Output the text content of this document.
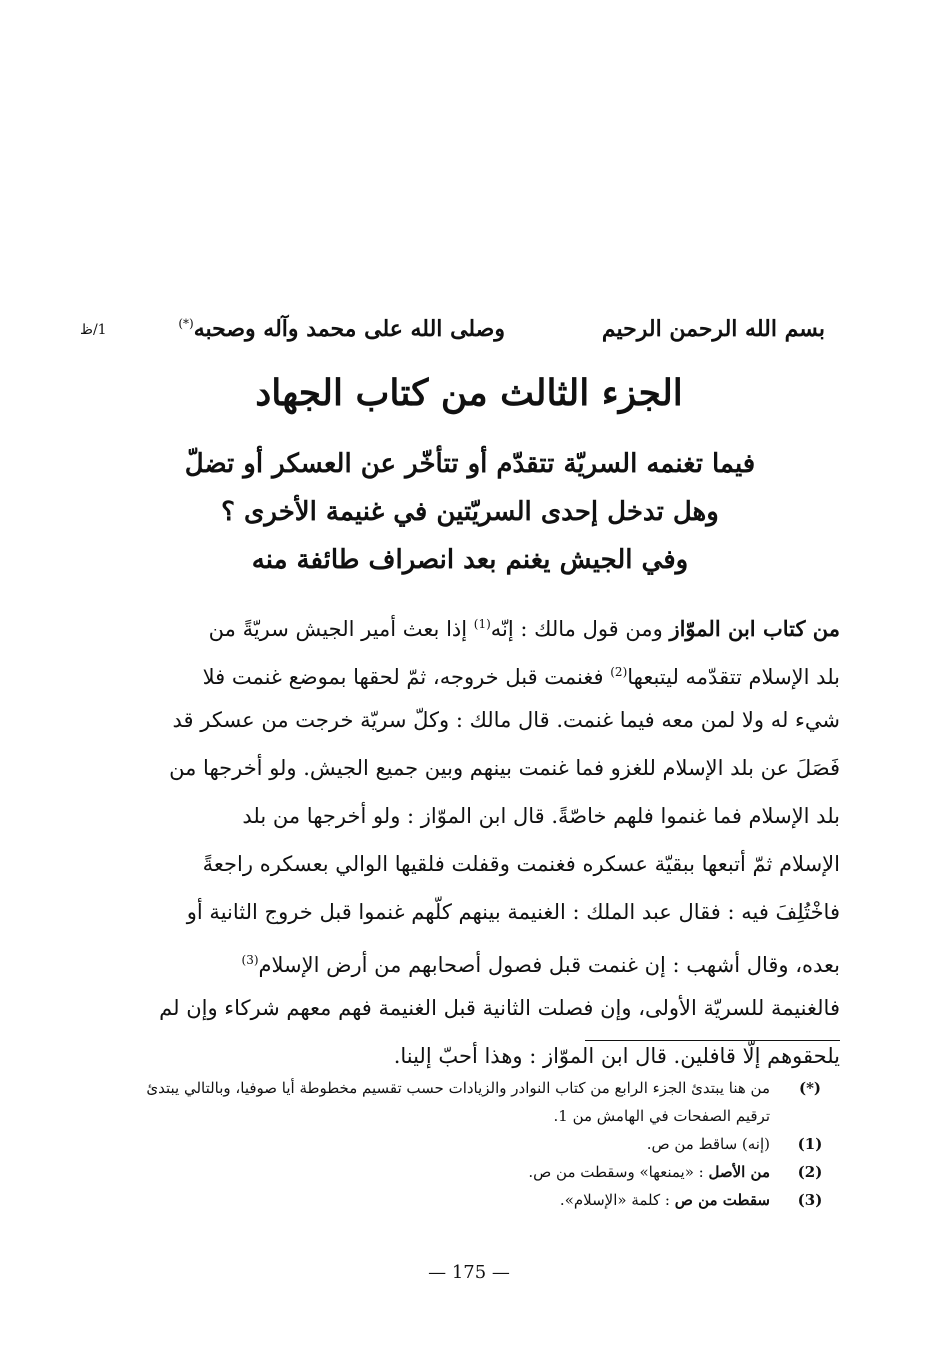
بسم الله الرحمن الرحيم
وصلى الله على محمد وآله وصحبه(*)
1/ظ
الجزء الثالث من كتاب الجهاد
فيما تغنمه السريّة تتقدّم أو تتأخّر عن العسكر أو تضلّ
وهل تدخل إحدى السريّتين في غنيمة الأخرى ؟
وفي الجيش يغنم بعد انصراف طائفة منه
من كتاب ابن الموّاز ومن قول مالك : إنّه$^{(1)}$ إذا بعث أمير الجيش سريّةً من
بلد الإسلام تتقدّمه ليتبعها$^{(2)}$ فغنمت قبل خروجه، ثمّ لحقها بموضع غنمت فلا
شيء له ولا لمن معه فيما غنمت. قال مالك : وكلّ سريّة خرجت من عسكر قد
فَصَلَ عن بلد الإسلام للغزو فما غنمت بينهم وبين جميع الجيش. ولو أخرجها من
بلد الإسلام فما غنموا فلهم خاصّةً. قال ابن الموّاز : ولو أخرجها من بلد
الإسلام ثمّ أتبعها ببقيّة عسكره فغنمت وقفلت فلقيها الوالي بعسكره راجعةً
فاخْتُلِفَ فيه : فقال عبد الملك : الغنيمة بينهم كلّهم غنموا قبل خروج الثانية أو
بعده، وقال أشهب : إن غنمت قبل فصول أصحابهم من أرض الإسلام$^{(3)}$
فالغنيمة للسريّة الأولى، وإن فصلت الثانية قبل الغنيمة فهم معهم شركاء وإن لم
يلحقوهم إلّا قافلين. قال ابن الموّاز : وهذا أحبّ إلينا.
(*)
من هنا يبتدئ الجزء الرابع من كتاب النوادر والزيادات حسب تقسيم مخطوطة أيا صوفيا، وبالتالي يبتدئ ترقيم الصفحات في الهامش من 1.
(1)
(إنه) ساقط من ص.
(2)
من الأصل : «يمنعها» وسقطت من ص.
(3)
سقطت من ص : كلمة «الإسلام».
— 175 —
